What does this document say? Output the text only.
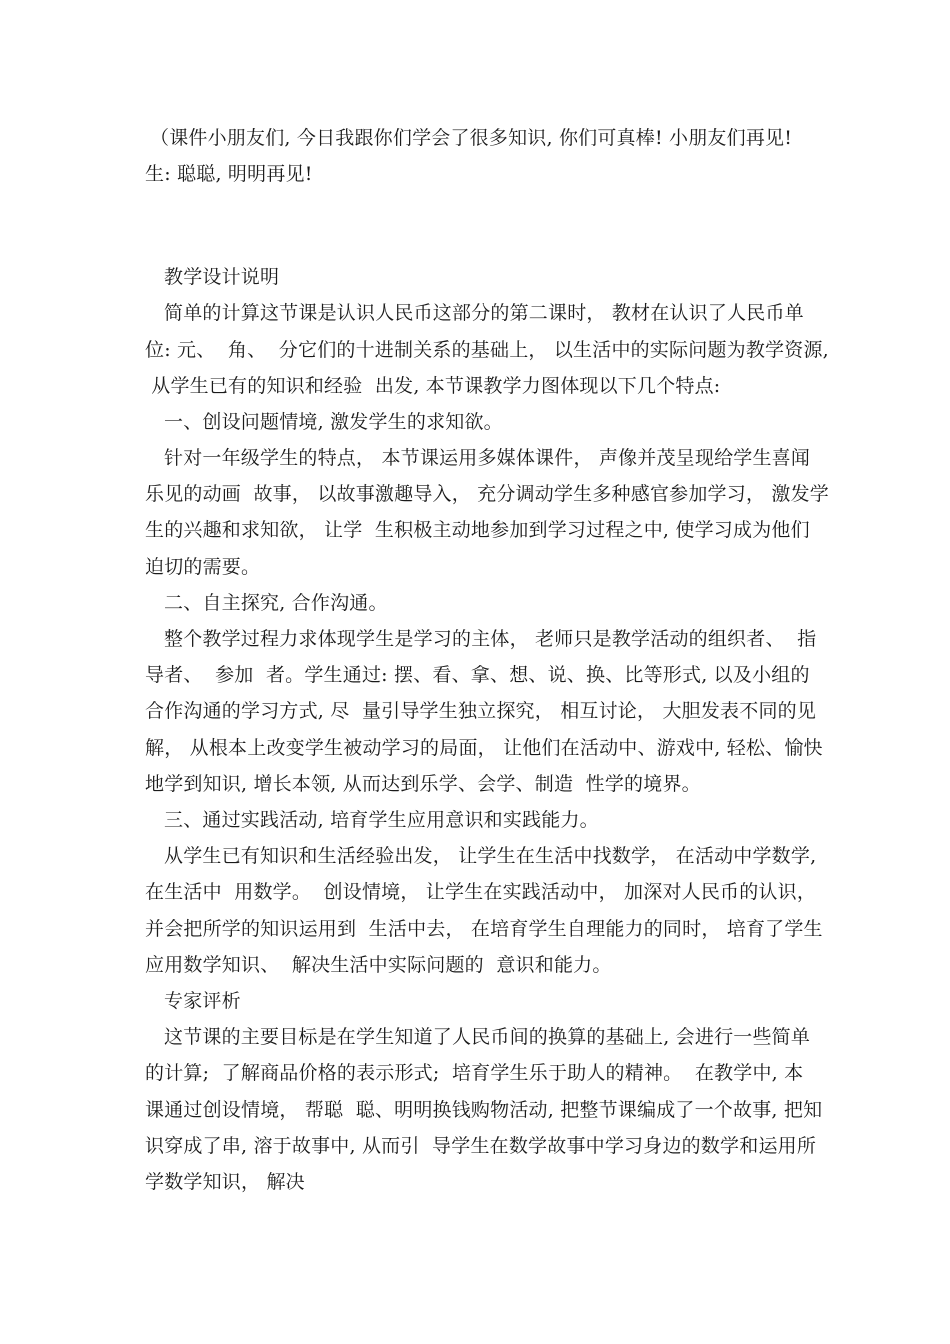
（课件小朋友们, 今日我跟你们学会了很多知识, 你们可真棒! 小朋友们再见!
生: 聪聪, 明明再见!
教学设计说明
简单的计算这节课是认识人民币这部分的第二课时， 教材在认识了人民币单
位: 元、  角、  分它们的十进制关系的基础上， 以生活中的实际问题为教学资源,
从学生已有的知识和经验  出发, 本节课教学力图体现以下几个特点:
一、创设问题情境, 激发学生的求知欲。
针对一年级学生的特点， 本节课运用多媒体课件， 声像并茂呈现给学生喜闻
乐见的动画  故事， 以故事激趣导入， 充分调动学生多种感官参加学习， 激发学
生的兴趣和求知欲， 让学  生积极主动地参加到学习过程之中, 使学习成为他们
迫切的需要。
二、自主探究, 合作沟通。
整个教学过程力求体现学生是学习的主体， 老师只是教学活动的组织者、  指
导者、  参加  者。学生通过: 摆、看、拿、想、说、换、比等形式, 以及小组的
合作沟通的学习方式, 尽  量引导学生独立探究， 相互讨论， 大胆发表不同的见
解， 从根本上改变学生被动学习的局面， 让他们在活动中、游戏中, 轻松、愉快
地学到知识, 增长本领, 从而达到乐学、会学、制造  性学的境界。
三、通过实践活动, 培育学生应用意识和实践能力。
从学生已有知识和生活经验出发， 让学生在生活中找数学， 在活动中学数学,
在生活中  用数学。  创设情境， 让学生在实践活动中， 加深对人民币的认识，
并会把所学的知识运用到  生活中去， 在培育学生自理能力的同时， 培育了学生
应用数学知识、  解决生活中实际问题的  意识和能力。
专家评析
这节课的主要目标是在学生知道了人民币间的换算的基础上, 会进行一些简单
的计算;  了解商品价格的表示形式;  培育学生乐于助人的精神。  在教学中, 本
课通过创设情境， 帮聪  聪、明明换钱购物活动, 把整节课编成了一个故事, 把知
识穿成了串, 溶于故事中, 从而引  导学生在数学故事中学习身边的数学和运用所
学数学知识， 解决
